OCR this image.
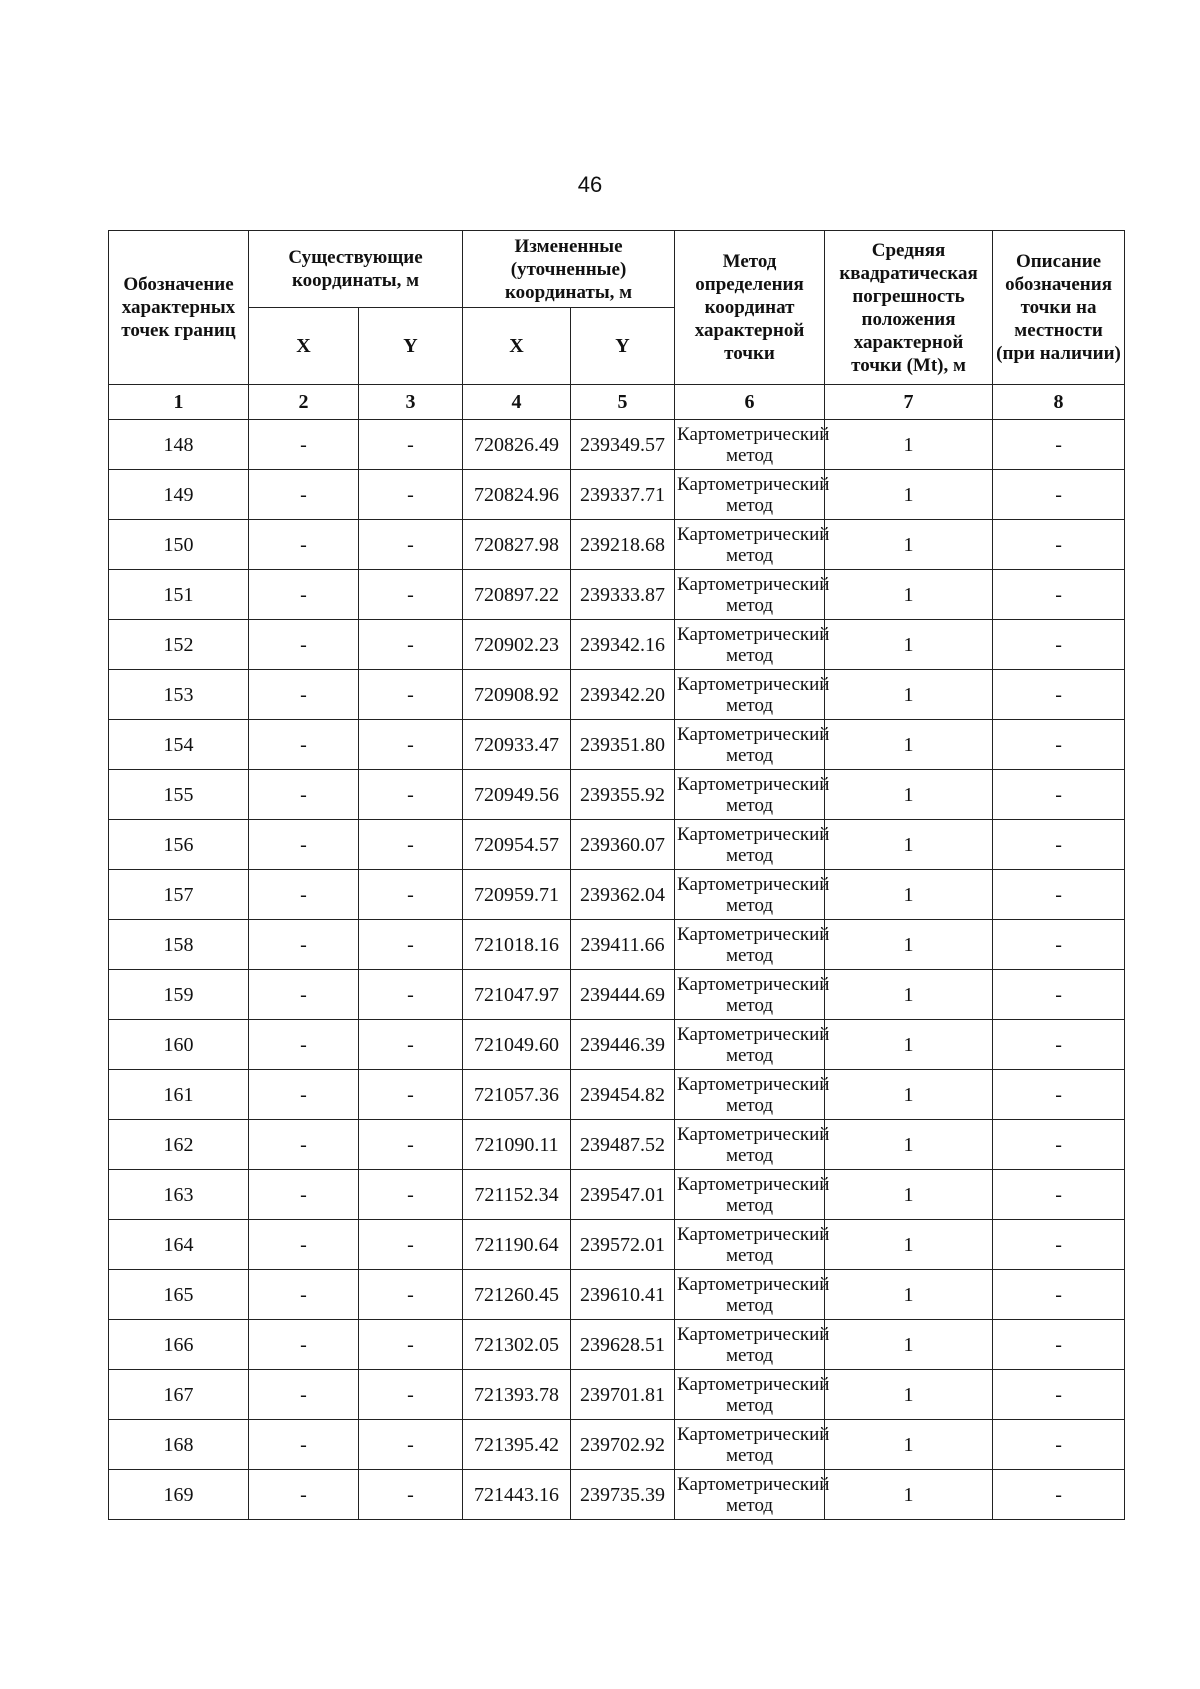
46
Обозначение характерных точек границ	Существующие координаты, м		Измененные (уточненные) координаты, м		Метод определения координат характерной точки	Средняя квадратическая погрешность положения характерной точки (Mt), м	Описание обозначения точки на местности (при наличии)
	X	Y	X	Y			
1	2	3	4	5	6	7	8
148	-	-	720826.49	239349.57	Картометрический метод	1	-
149	-	-	720824.96	239337.71	Картометрический метод	1	-
150	-	-	720827.98	239218.68	Картометрический метод	1	-
151	-	-	720897.22	239333.87	Картометрический метод	1	-
152	-	-	720902.23	239342.16	Картометрический метод	1	-
153	-	-	720908.92	239342.20	Картометрический метод	1	-
154	-	-	720933.47	239351.80	Картометрический метод	1	-
155	-	-	720949.56	239355.92	Картометрический метод	1	-
156	-	-	720954.57	239360.07	Картометрический метод	1	-
157	-	-	720959.71	239362.04	Картометрический метод	1	-
158	-	-	721018.16	239411.66	Картометрический метод	1	-
159	-	-	721047.97	239444.69	Картометрический метод	1	-
160	-	-	721049.60	239446.39	Картометрический метод	1	-
161	-	-	721057.36	239454.82	Картометрический метод	1	-
162	-	-	721090.11	239487.52	Картометрический метод	1	-
163	-	-	721152.34	239547.01	Картометрический метод	1	-
164	-	-	721190.64	239572.01	Картометрический метод	1	-
165	-	-	721260.45	239610.41	Картометрический метод	1	-
166	-	-	721302.05	239628.51	Картометрический метод	1	-
167	-	-	721393.78	239701.81	Картометрический метод	1	-
168	-	-	721395.42	239702.92	Картометрический метод	1	-
169	-	-	721443.16	239735.39	Картометрический метод	1	-
